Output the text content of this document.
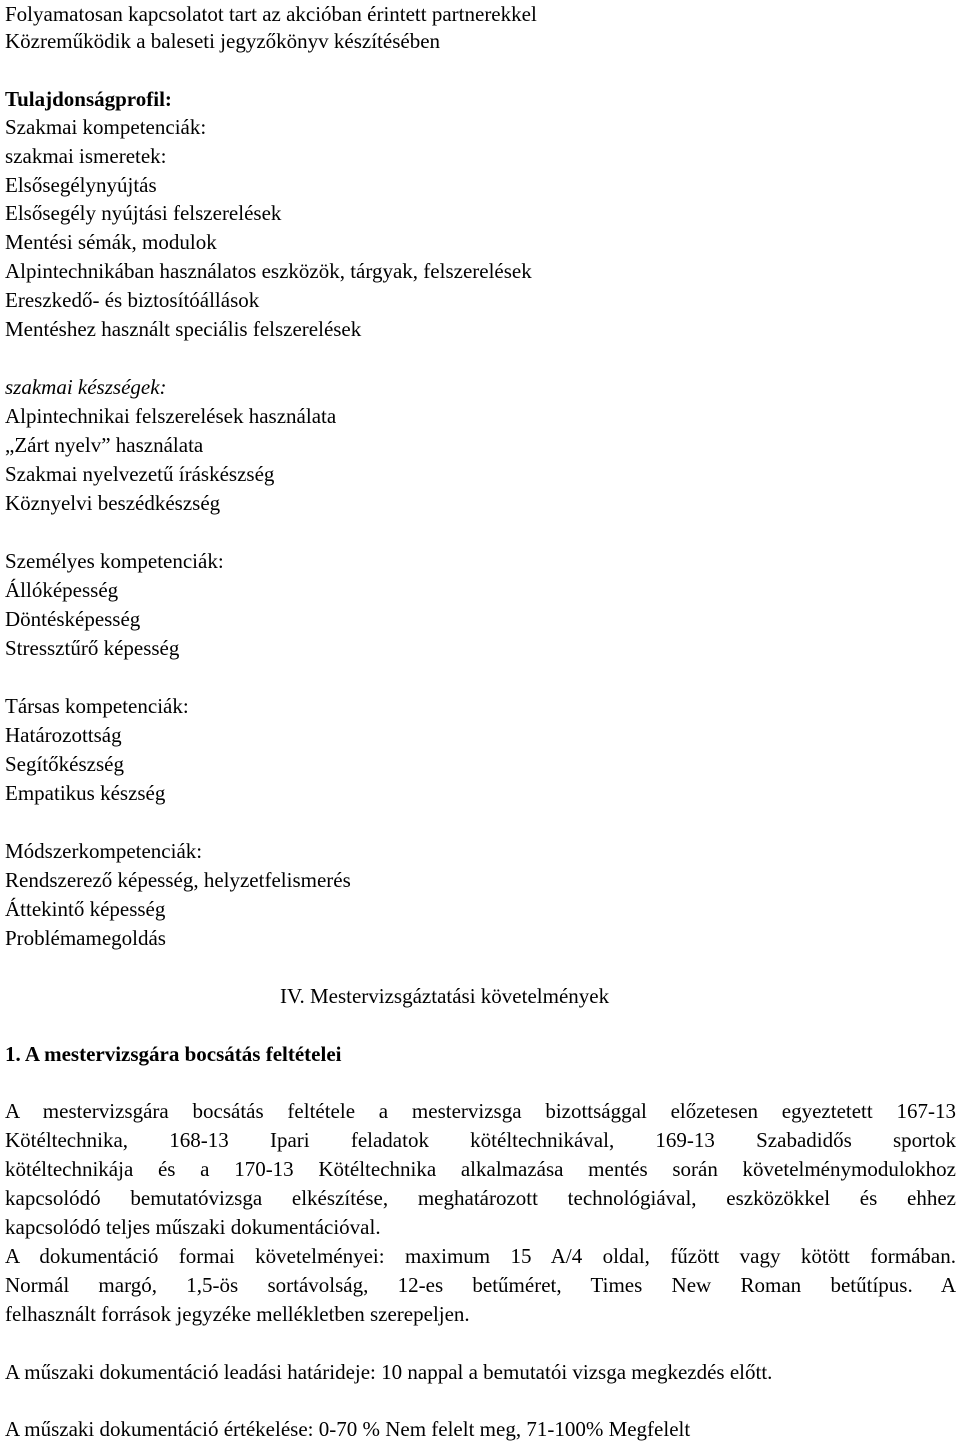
Folyamatosan kapcsolatot tart az akcióban érintett partnerekkel
Közreműködik a baleseti jegyzőkönyv készítésében
Tulajdonságprofil:
Szakmai kompetenciák:
szakmai ismeretek:
Elsősegélynyújtás
Elsősegély nyújtási felszerelések
Mentési sémák, modulok
Alpintechnikában használatos eszközök, tárgyak, felszerelések
Ereszkedő- és biztosítóállások
Mentéshez használt speciális felszerelések
szakmai készségek:
Alpintechnikai felszerelések használata
„Zárt nyelv” használata
Szakmai nyelvezetű íráskészség
Köznyelvi beszédkészség
Személyes kompetenciák:
Állóképesség
Döntésképesség
Stressztűrő képesség
Társas kompetenciák:
Határozottság
Segítőkészség
Empatikus készség
Módszerkompetenciák:
Rendszerező képesség, helyzetfelismerés
Áttekintő képesség
Problémamegoldás
IV. Mestervizsgáztatási követelmények
1. A mestervizsgára bocsátás feltételei
A mestervizsgára bocsátás feltétele a mestervizsga bizottsággal előzetesen egyeztetett 167-13
Kötéltechnika, 168-13 Ipari feladatok kötéltechnikával, 169-13 Szabadidős sportok
kötéltechnikája és a 170-13 Kötéltechnika alkalmazása mentés során követelménymodulokhoz
kapcsolódó bemutatóvizsga elkészítése, meghatározott technológiával, eszközökkel és ehhez
kapcsolódó teljes műszaki dokumentációval.
A dokumentáció formai követelményei: maximum 15 A/4 oldal, fűzött vagy kötött formában.
Normál margó, 1,5-ös sortávolság, 12-es betűméret, Times New Roman betűtípus. A
felhasznált források jegyzéke mellékletben szerepeljen.
A műszaki dokumentáció leadási határideje: 10 nappal a bemutatói vizsga megkezdés előtt.
A műszaki dokumentáció értékelése: 0-70 % Nem felelt meg, 71-100% Megfelelt
